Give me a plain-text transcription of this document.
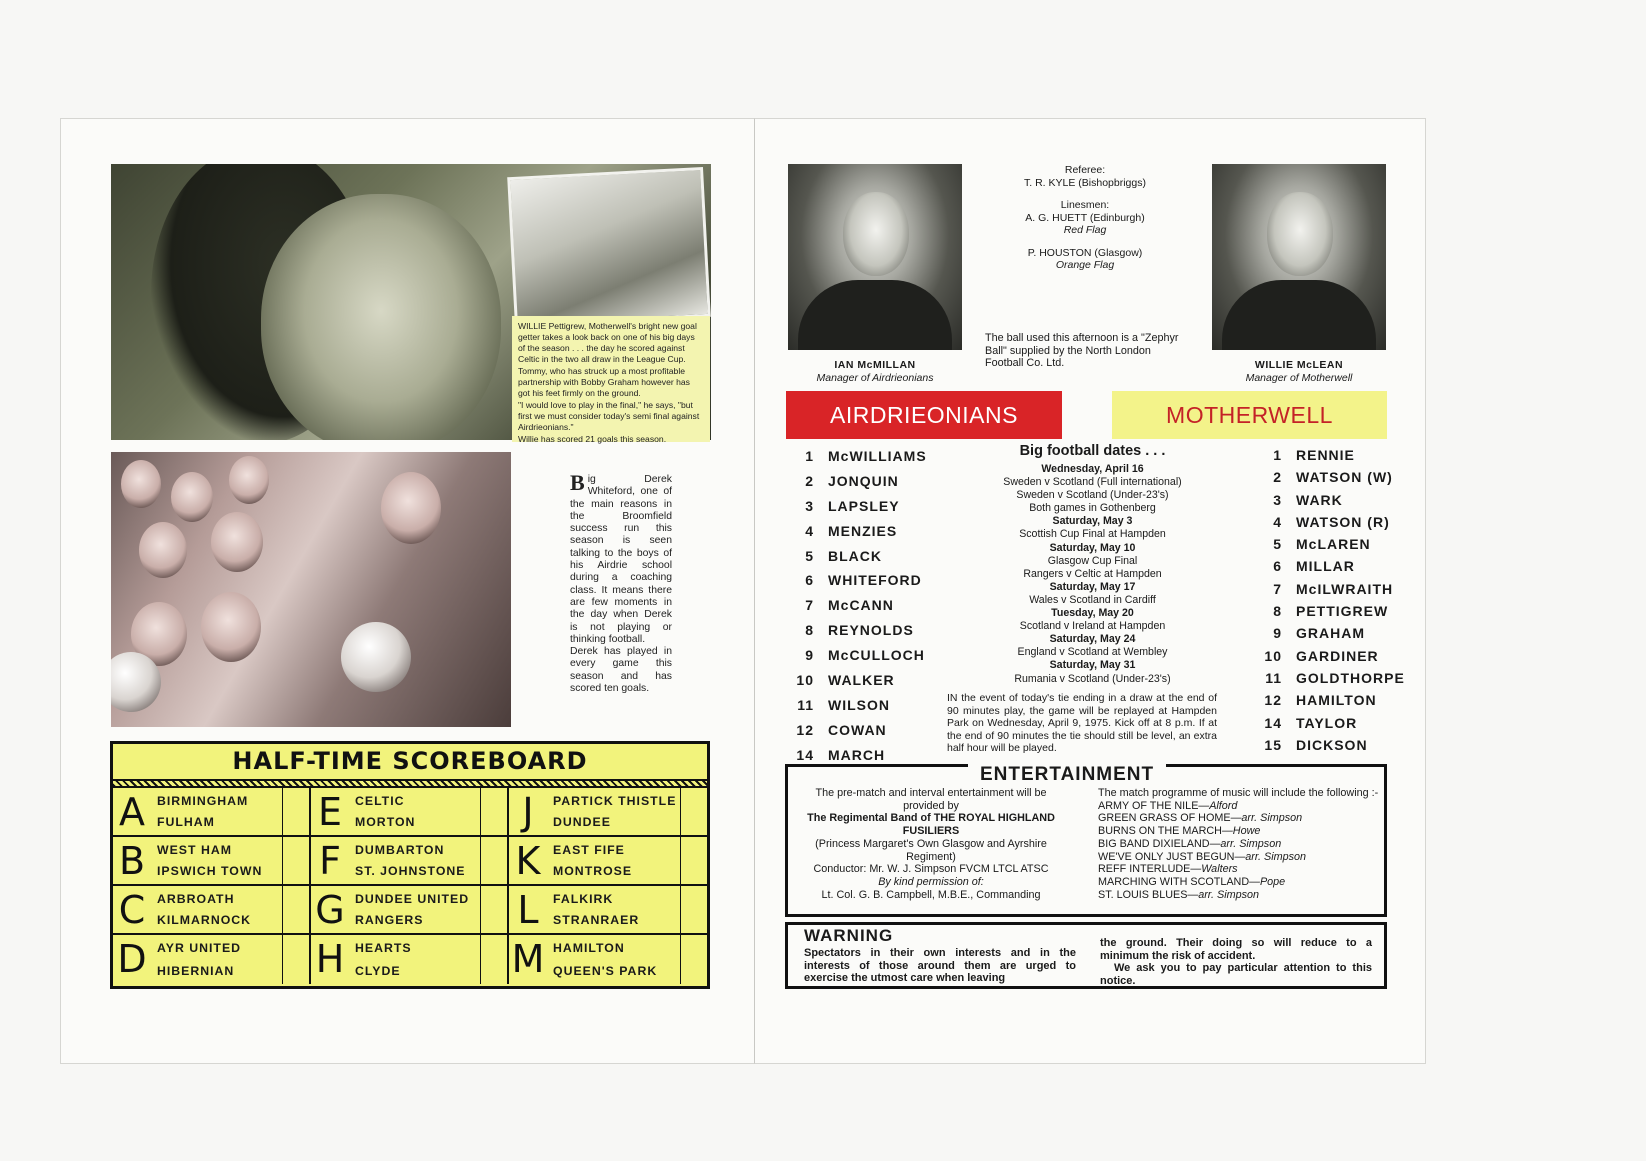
WILLIE Pettigrew, Motherwell's bright new goal getter takes a look back on one of his big days of the season . . . the day he scored against Celtic in the two all draw in the League Cup.

Tommy, who has struck up a most profitable partnership with Bobby Graham however has got his feet firmly on the ground.

"I would love to play in the final," he says, "but first we must consider today's semi final against Airdrieonians."

Willie has scored 21 goals this season.

Big Derek Whiteford, one of the main reasons in the Broomfield success run this season is seen talking to the boys of his Airdrie school during a coaching class. It means there are few moments in the day when Derek is not playing or thinking football.

Derek has played in every game this season and has scored ten goals.

HALF-TIME SCOREBOARD
A BIRMINGHAM
FULHAM
B WEST HAM
IPSWICH TOWN
C ARBROATH
KILMARNOCK
D AYR UNITED
HIBERNIAN
E	CELTIC
MORTON
F	DUMBARTON
ST. JOHNSTONE
G DUNDEE UNITED
RANGERS
H HEARTS
CLYDE
J	PARTICK THISTLE
DUNDEE
K	EAST FIFE
MONTROSE
L	FALKIRK
STRANRAER
M HAMILTON
QUEEN'S PARK
IAN McMILLAN
Manager of Airdrieonians
WILLIE McLEAN
Manager of Motherwell
Referee:
T. R. KYLE (Bishopbriggs)
Linesmen:
A. G. HUETT (Edinburgh)
Red Flag
P. HOUSTON (Glasgow)
Orange Flag
The ball used this afternoon is a "Zephyr Ball" supplied by the North London Football Co. Ltd.
AIRDRIEONIANS	MOTHERWELL
1 McWILLIAMS
2 JONQUIN
3 LAPSLEY
4 MENZIES
5 BLACK
6 WHITEFORD
7 McCANN
8 REYNOLDS
9 McCULLOCH
10 WALKER
11 WILSON
12 COWAN
14 MARCH
1 RENNIE
2 WATSON (W)
3 WARK
4 WATSON (R)
5 McLAREN
6 MILLAR
7 McILWRAITH
8 PETTIGREW
9 GRAHAM
10 GARDINER
11 GOLDTHORPE
12 HAMILTON
14 TAYLOR
15 DICKSON
Big football dates . . .
Wednesday, April 16
Sweden v Scotland (Full international)
Sweden v Scotland (Under-23's)
Both games in Gothenberg
Saturday, May 3
Scottish Cup Final at Hampden
Saturday, May 10
Glasgow Cup Final
Rangers v Celtic at Hampden
Saturday, May 17
Wales v Scotland in Cardiff
Tuesday, May 20
Scotland v Ireland at Hampden
Saturday, May 24
England v Scotland at Wembley
Saturday, May 31
Rumania v Scotland (Under-23's)
IN the event of today's tie ending in a draw at the end of 90 minutes play, the game will be replayed at Hampden Park on Wednesday, April 9, 1975. Kick off at 8 p.m. If at the end of 90 minutes the tie should still be level, an extra half hour will be played.
ENTERTAINMENT
The pre-match and interval entertainment will be provided by
The Regimental Band of THE ROYAL HIGHLAND FUSILIERS
(Princess Margaret's Own Glasgow and Ayrshire Regiment)
Conductor: Mr. W. J. Simpson FVCM LTCL ATSC
By kind permission of:
Lt. Col. G. B. Campbell, M.B.E., Commanding
The match programme of music will include the following :-
ARMY OF THE NILE—Alford
GREEN GRASS OF HOME—arr. Simpson
BURNS ON THE MARCH—Howe
BIG BAND DIXIELAND—arr. Simpson
WE'VE ONLY JUST BEGUN—arr. Simpson
REFF INTERLUDE—Walters
MARCHING WITH SCOTLAND—Pope
ST. LOUIS BLUES—arr. Simpson
WARNING
Spectators in their own interests and in the interests of those around them are urged to exercise the utmost care when leaving
the ground. Their doing so will reduce to a minimum the risk of accident.
We ask you to pay particular attention to this notice.
